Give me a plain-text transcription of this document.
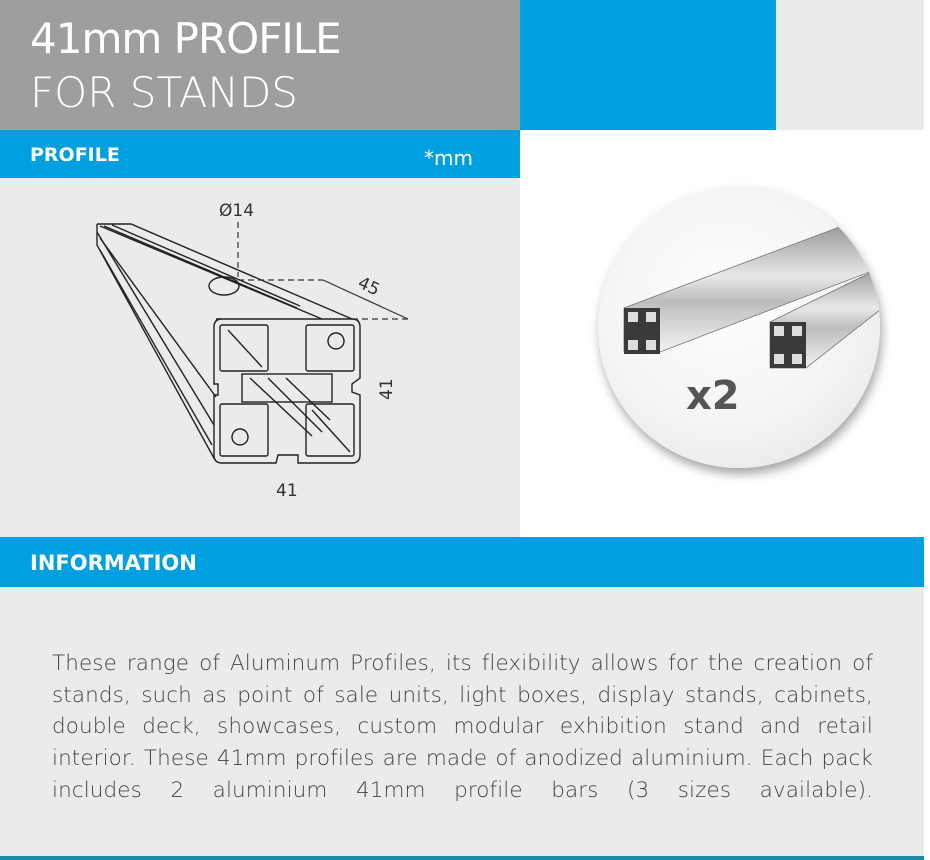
41mm PROFILE
FOR STANDS
PROFILE	*mm
Ø14
45
41
41
x2
INFORMATION
These range of Aluminum Profiles, its flexibility allows for the creation of stands, such as point of sale units, light boxes, display stands, cabinets, double deck, showcases, custom modular exhibition stand and retail interior. These 41mm profiles are made of anodized aluminium. Each pack includes 2 aluminium 41mm profile bars (3 sizes available).
